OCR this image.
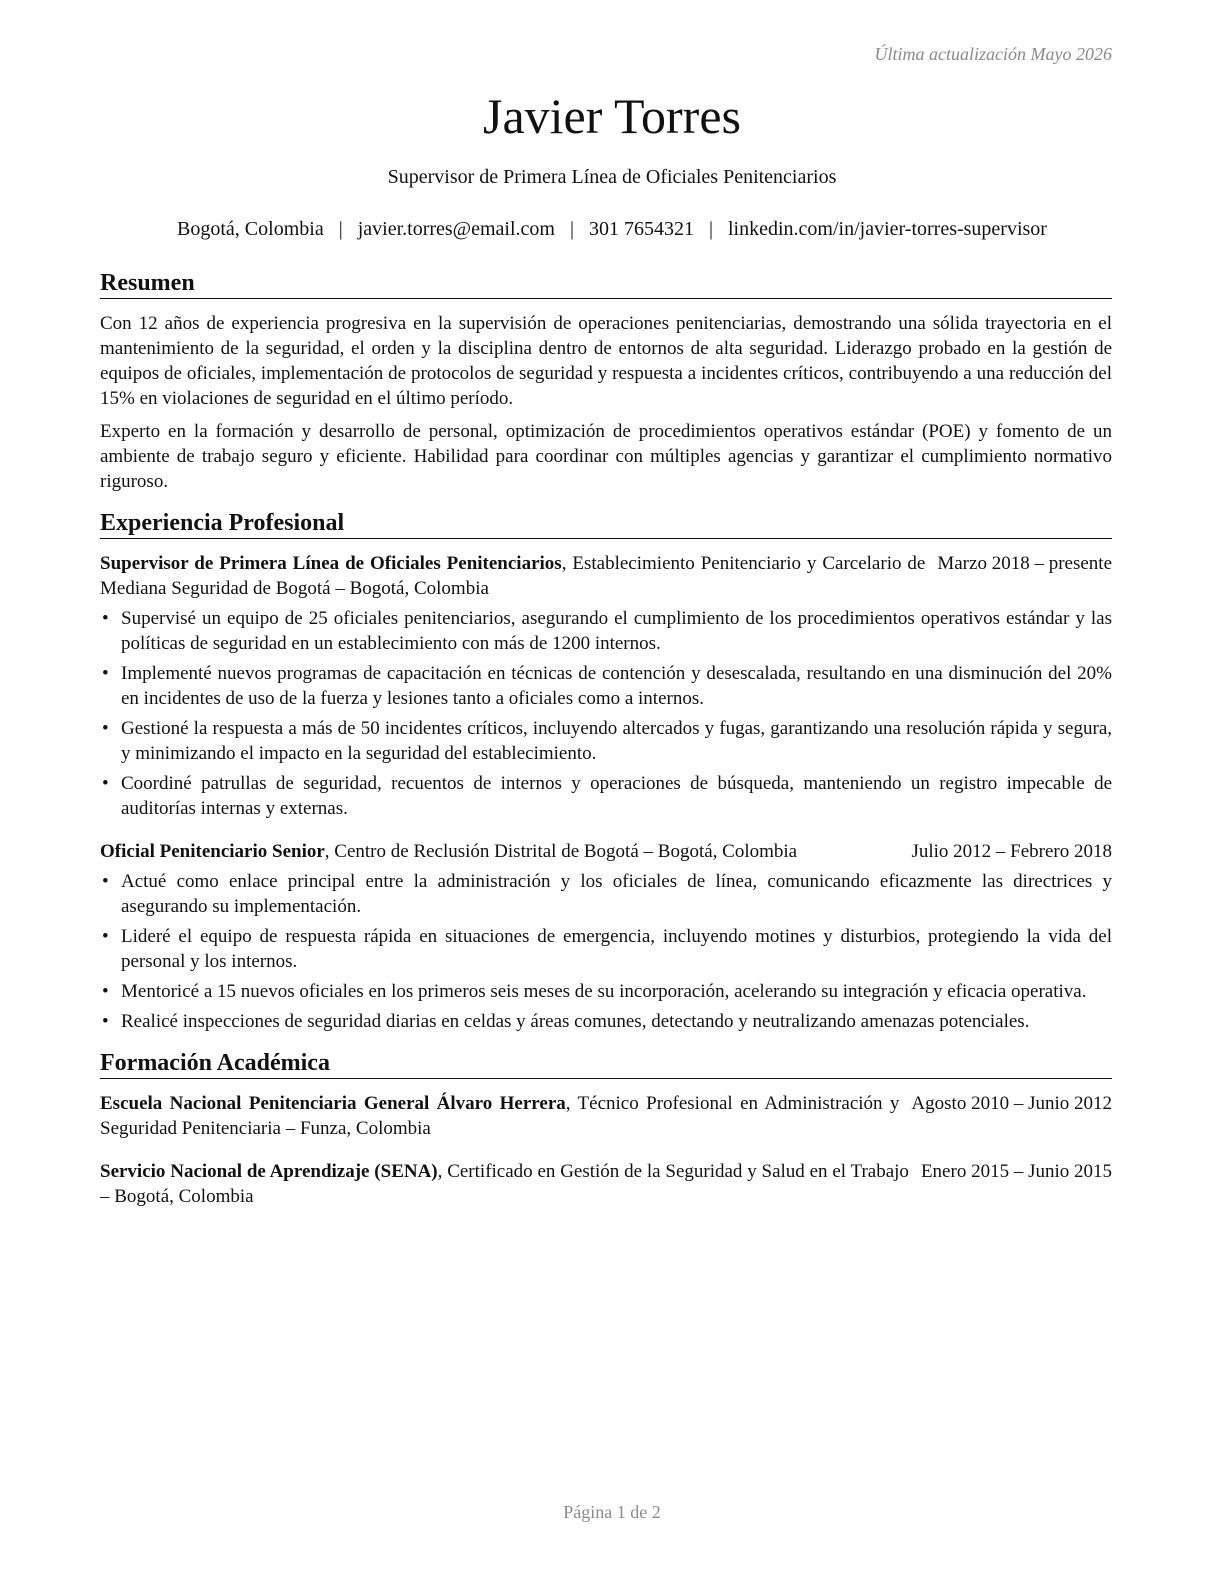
Última actualización Mayo 2026
Javier Torres
Supervisor de Primera Línea de Oficiales Penitenciarios
Bogotá, Colombia | javier.torres@email.com | 301 7654321 | linkedin.com/in/javier-torres-supervisor
Resumen

Con 12 años de experiencia progresiva en la supervisión de operaciones penitenciarias, demostrando una sólida trayectoria en el mantenimiento de la seguridad, el orden y la disciplina dentro de entornos de alta seguridad. Liderazgo probado en la gestión de equipos de oficiales, implementación de protocolos de seguridad y respuesta a incidentes críticos, contribuyendo a una reducción del 15% en violaciones de seguridad en el último período.

Experto en la formación y desarrollo de personal, optimización de procedimientos operativos estándar (POE) y fomento de un ambiente de trabajo seguro y eficiente. Habilidad para coordinar con múltiples agencias y garantizar el cumplimiento normativo riguroso.

Experiencia Profesional
Supervisor de Primera Línea de Oficiales Penitenciarios, Establecimiento Penitenciario y Carcelario de Mediana Seguridad de Bogotá – Bogotá, Colombia
Marzo 2018 – presente
• Supervisé un equipo de 25 oficiales penitenciarios, asegurando el cumplimiento de los procedimientos operativos estándar y las políticas de seguridad en un establecimiento con más de 1200 internos.
• Implementé nuevos programas de capacitación en técnicas de contención y desescalada, resultando en una disminución del 20% en incidentes de uso de la fuerza y lesiones tanto a oficiales como a internos.
• Gestioné la respuesta a más de 50 incidentes críticos, incluyendo altercados y fugas, garantizando una resolución rápida y segura, y minimizando el impacto en la seguridad del establecimiento.
• Coordiné patrullas de seguridad, recuentos de internos y operaciones de búsqueda, manteniendo un registro impecable de auditorías internas y externas.
Oficial Penitenciario Senior, Centro de Reclusión Distrital de Bogotá – Bogotá, Colombia	Julio 2012 – Febrero 2018
• Actué como enlace principal entre la administración y los oficiales de línea, comunicando eficazmente las directrices y asegurando su implementación.
• Lideré el equipo de respuesta rápida en situaciones de emergencia, incluyendo motines y disturbios, protegiendo la vida del personal y los internos.
• Mentoricé a 15 nuevos oficiales en los primeros seis meses de su incorporación, acelerando su integración y eficacia operativa.
• Realicé inspecciones de seguridad diarias en celdas y áreas comunes, detectando y neutralizando amenazas potenciales.
Formación Académica
Escuela Nacional Penitenciaria General Álvaro Herrera, Técnico Profesional en Administración y Seguridad Penitenciaria – Funza, Colombia
Agosto 2010 – Junio 2012
Servicio Nacional de Aprendizaje (SENA), Certificado en Gestión de la Seguridad y Salud en el Trabajo – Bogotá, Colombia
Enero 2015 – Junio 2015
Página 1 de 2
